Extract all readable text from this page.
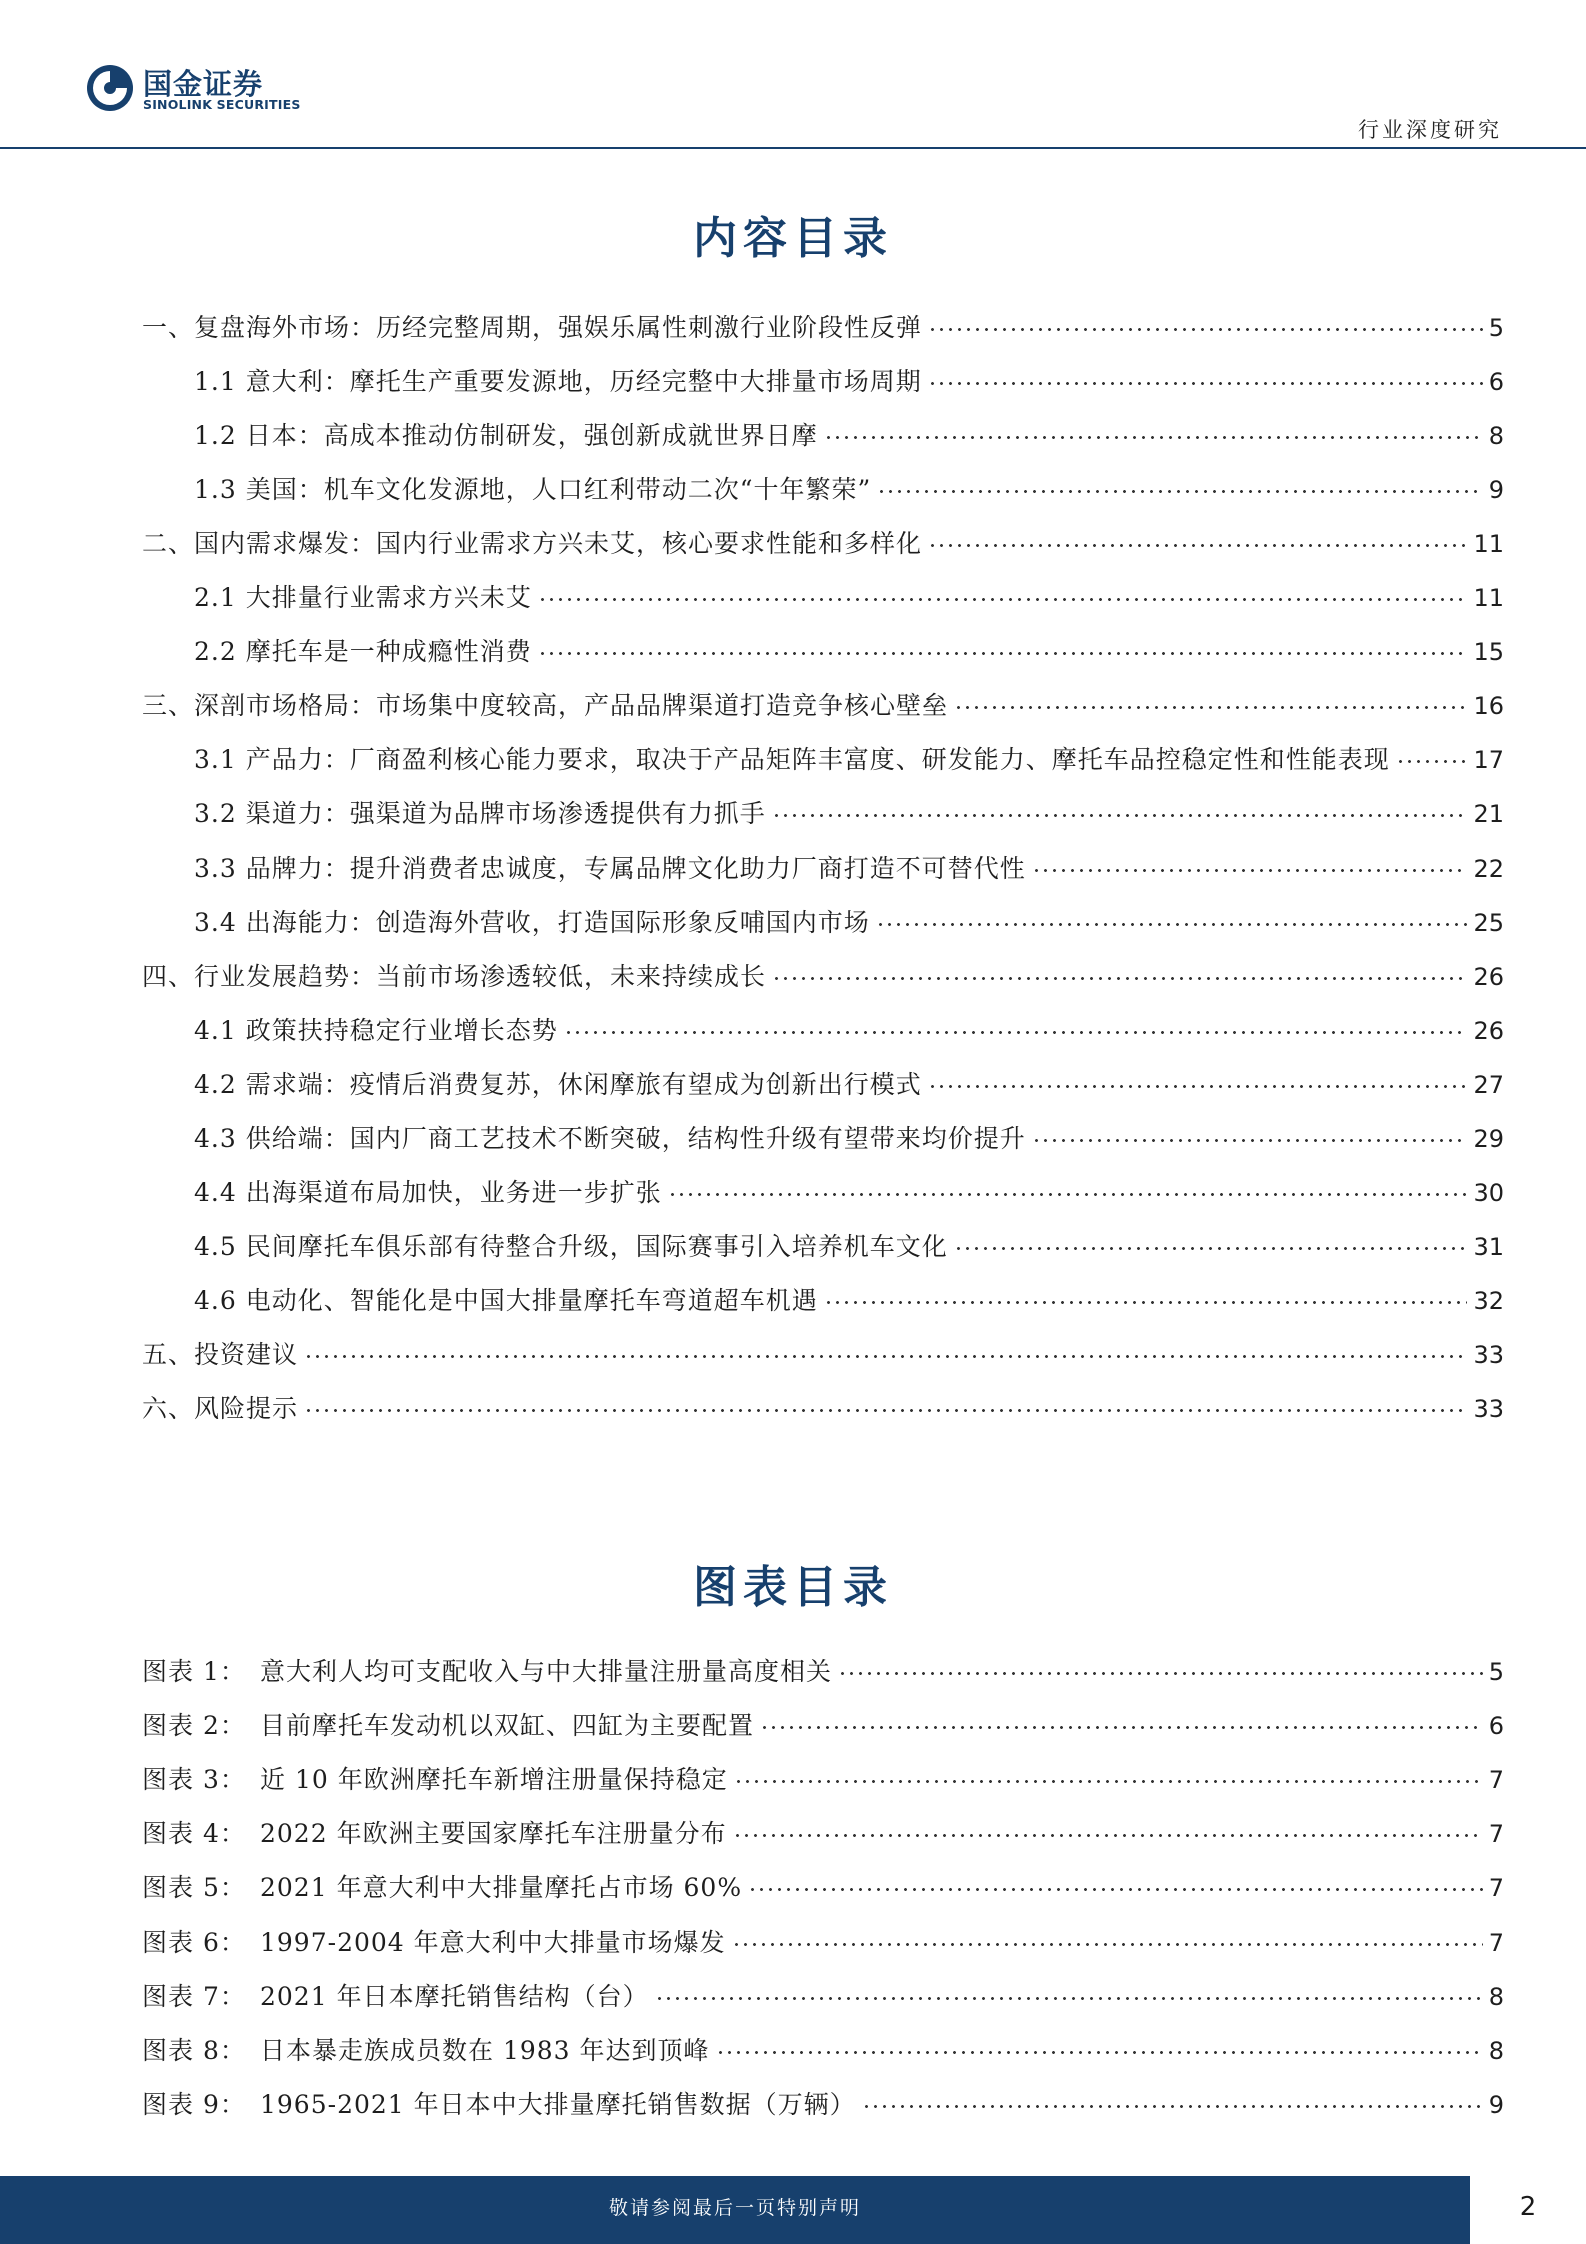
国金证券
SINOLINK SECURITIES
行业深度研究
内容目录
一、复盘海外市场：历经完整周期，强娱乐属性刺激行业阶段性反弹	5
1.1 意大利：摩托生产重要发源地，历经完整中大排量市场周期	6
1.2 日本：高成本推动仿制研发，强创新成就世界日摩	8
1.3 美国：机车文化发源地，人口红利带动二次“十年繁荣”	9
二、国内需求爆发：国内行业需求方兴未艾，核心要求性能和多样化	11
2.1 大排量行业需求方兴未艾	11
2.2 摩托车是一种成瘾性消费	15
三、深剖市场格局：市场集中度较高，产品品牌渠道打造竞争核心壁垒	16
3.1 产品力：厂商盈利核心能力要求，取决于产品矩阵丰富度、研发能力、摩托车品控稳定性和性能表现	17
3.2 渠道力：强渠道为品牌市场渗透提供有力抓手	21
3.3 品牌力：提升消费者忠诚度，专属品牌文化助力厂商打造不可替代性	22
3.4 出海能力：创造海外营收，打造国际形象反哺国内市场	25
四、行业发展趋势：当前市场渗透较低，未来持续成长	26
4.1 政策扶持稳定行业增长态势	26
4.2 需求端：疫情后消费复苏，休闲摩旅有望成为创新出行模式	27
4.3 供给端：国内厂商工艺技术不断突破，结构性升级有望带来均价提升	29
4.4 出海渠道布局加快，业务进一步扩张	30
4.5 民间摩托车俱乐部有待整合升级，国际赛事引入培养机车文化	31
4.6 电动化、智能化是中国大排量摩托车弯道超车机遇	32
五、投资建议	33
六、风险提示	33
图表目录
图表 1： 意大利人均可支配收入与中大排量注册量高度相关	5
图表 2： 目前摩托车发动机以双缸、四缸为主要配置	6
图表 3： 近 10 年欧洲摩托车新增注册量保持稳定	7
图表 4： 2022 年欧洲主要国家摩托车注册量分布	7
图表 5： 2021 年意大利中大排量摩托占市场 60%	7
图表 6： 1997-2004 年意大利中大排量市场爆发	7
图表 7： 2021 年日本摩托销售结构（台）	8
图表 8： 日本暴走族成员数在 1983 年达到顶峰	8
图表 9： 1965-2021 年日本中大排量摩托销售数据（万辆）	9
敬请参阅最后一页特别声明	2
